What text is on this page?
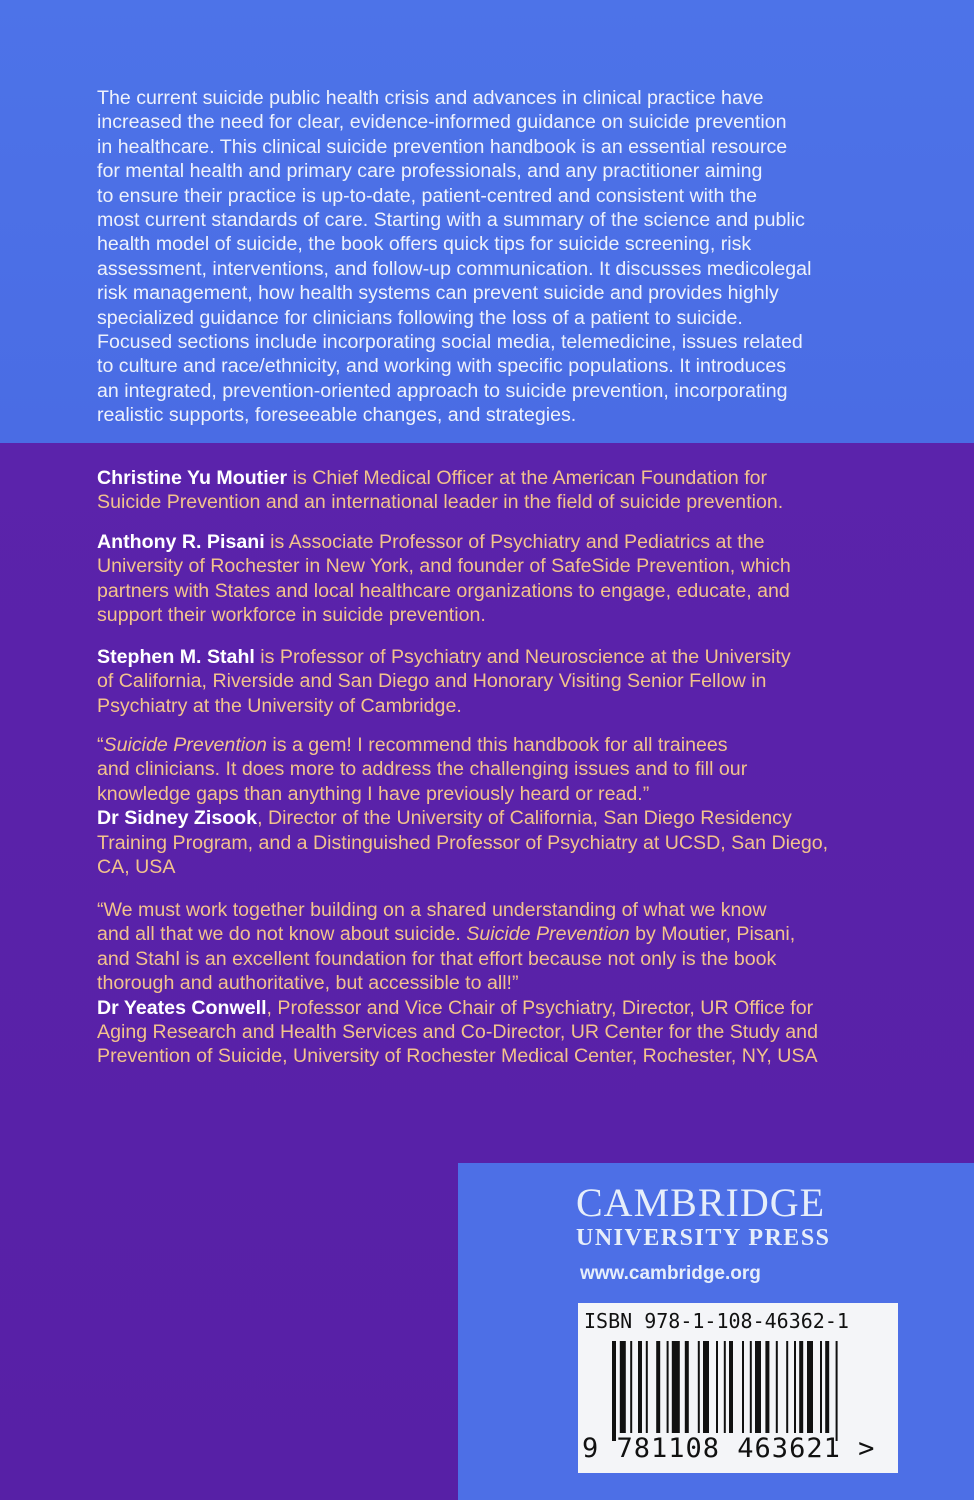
The current suicide public health crisis and advances in clinical practice have
increased the need for clear, evidence-informed guidance on suicide prevention
in healthcare. This clinical suicide prevention handbook is an essential resource
for mental health and primary care professionals, and any practitioner aiming
to ensure their practice is up-to-date, patient-centred and consistent with the
most current standards of care. Starting with a summary of the science and public
health model of suicide, the book offers quick tips for suicide screening, risk
assessment, interventions, and follow-up communication. It discusses medicolegal
risk management, how health systems can prevent suicide and provides highly
specialized guidance for clinicians following the loss of a patient to suicide.
Focused sections include incorporating social media, telemedicine, issues related
to culture and race/ethnicity, and working with specific populations. It introduces
an integrated, prevention-oriented approach to suicide prevention, incorporating
realistic supports, foreseeable changes, and strategies.
Christine Yu Moutier is Chief Medical Officer at the American Foundation for
Suicide Prevention and an international leader in the field of suicide prevention.
Anthony R. Pisani is Associate Professor of Psychiatry and Pediatrics at the
University of Rochester in New York, and founder of SafeSide Prevention, which
partners with States and local healthcare organizations to engage, educate, and
support their workforce in suicide prevention.
Stephen M. Stahl is Professor of Psychiatry and Neuroscience at the University
of California, Riverside and San Diego and Honorary Visiting Senior Fellow in
Psychiatry at the University of Cambridge.
“Suicide Prevention is a gem! I recommend this handbook for all trainees
and clinicians. It does more to address the challenging issues and to fill our
knowledge gaps than anything I have previously heard or read.”
Dr Sidney Zisook, Director of the University of California, San Diego Residency
Training Program, and a Distinguished Professor of Psychiatry at UCSD, San Diego,
CA, USA
“We must work together building on a shared understanding of what we know
and all that we do not know about suicide. Suicide Prevention by Moutier, Pisani,
and Stahl is an excellent foundation for that effort because not only is the book
thorough and authoritative, but accessible to all!”
Dr Yeates Conwell, Professor and Vice Chair of Psychiatry, Director, UR Office for
Aging Research and Health Services and Co-Director, UR Center for the Study and
Prevention of Suicide, University of Rochester Medical Center, Rochester, NY, USA
CAMBRIDGE
UNIVERSITY PRESS
www.cambridge.org
ISBN 978-1-108-46362-1
9 781108 463621 >
